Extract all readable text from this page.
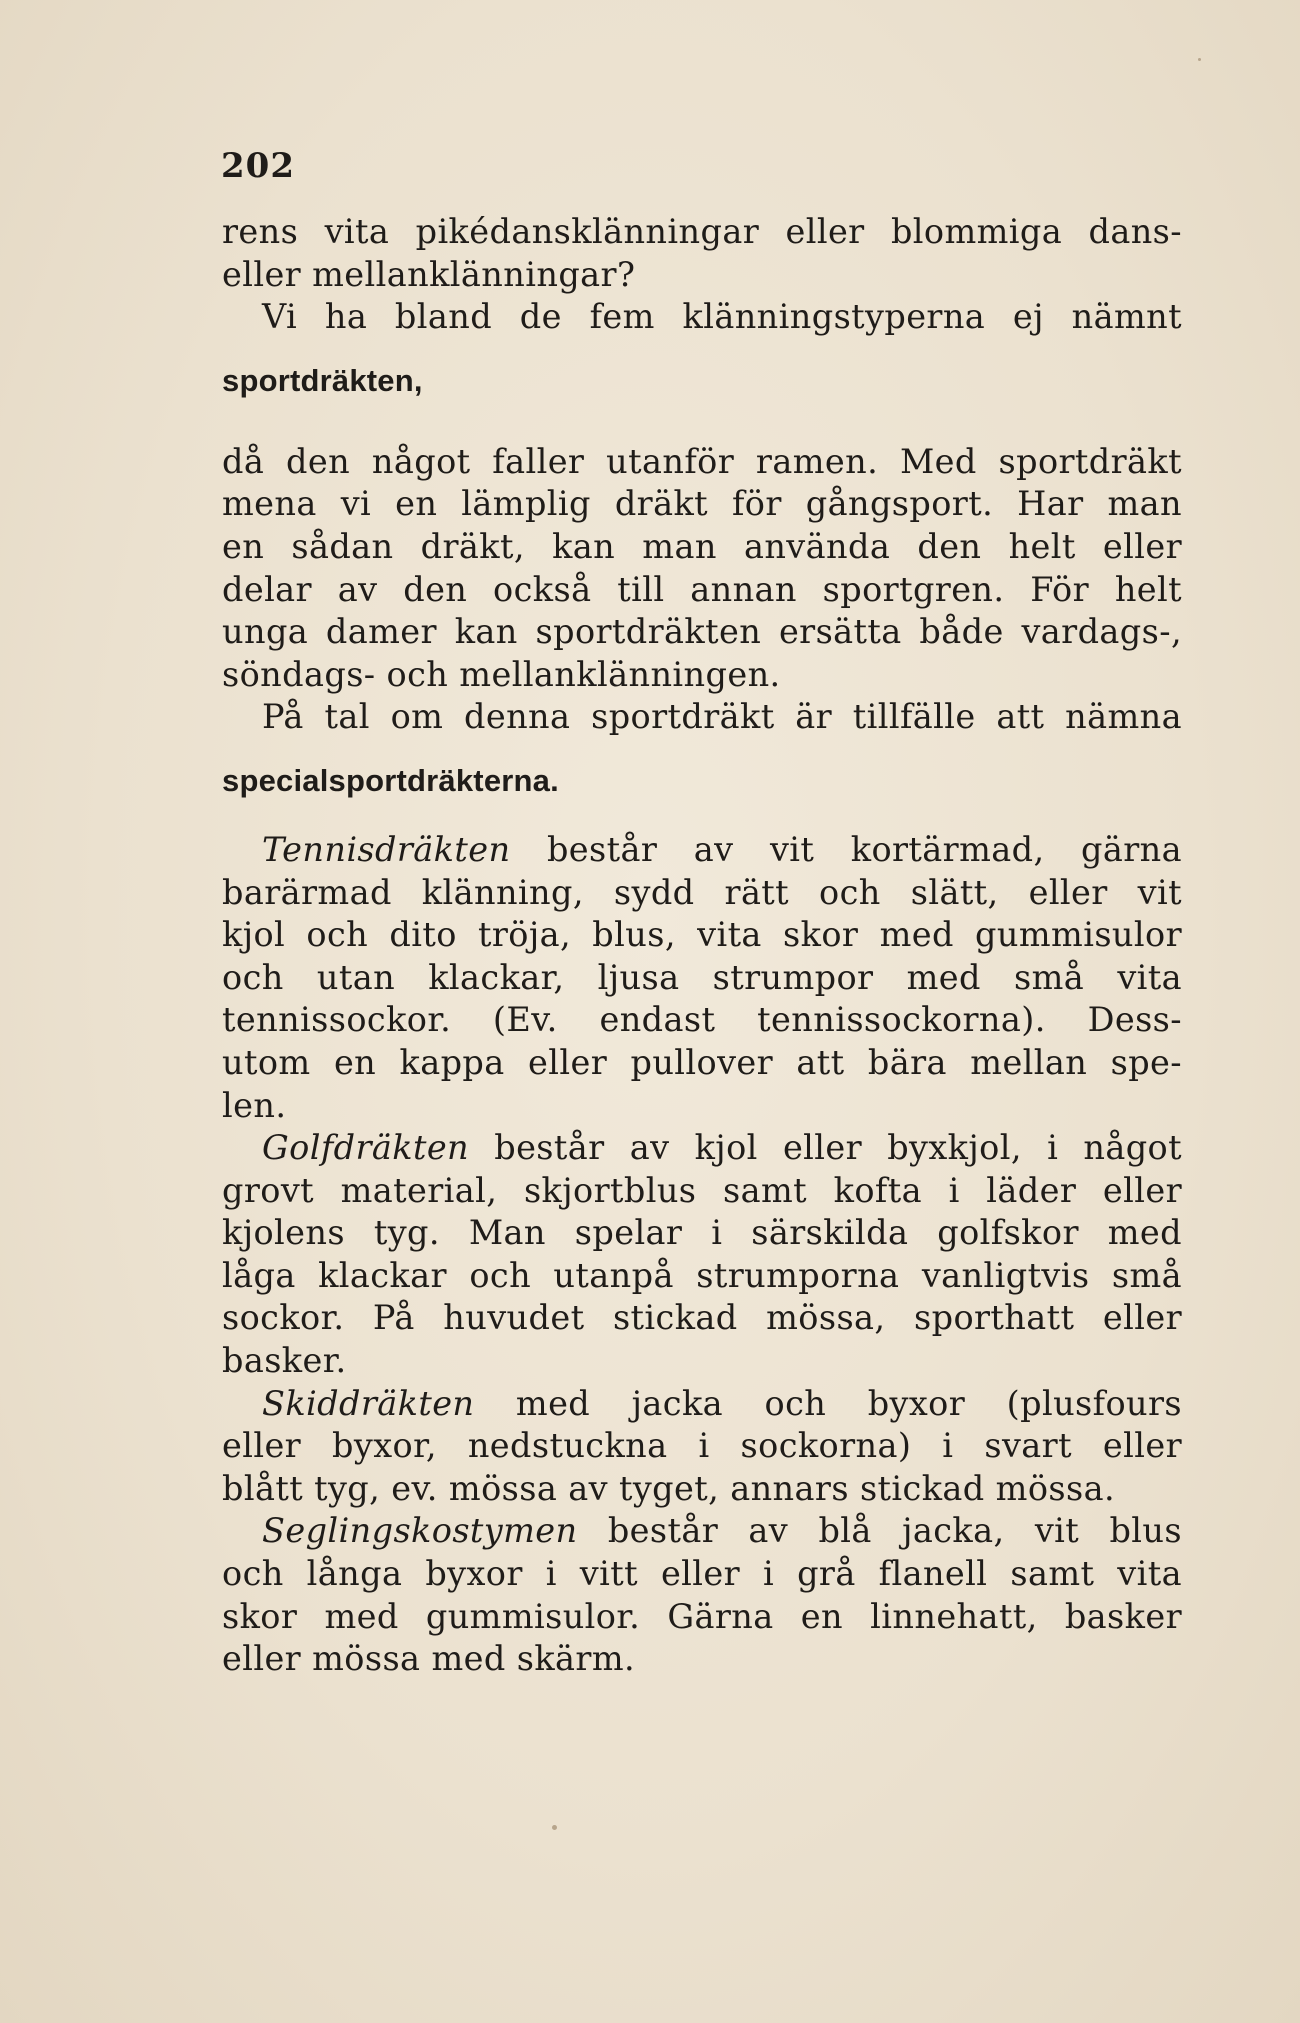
202
rens vita pikédansklänningar eller blommiga dans-
eller mellanklänningar?
Vi ha bland de fem klänningstyperna ej nämnt
sportdräkten,
då den något faller utanför ramen. Med sportdräkt
mena vi en lämplig dräkt för gångsport. Har man
en sådan dräkt, kan man använda den helt eller
delar av den också till annan sportgren. För helt
unga damer kan sportdräkten ersätta både vardags-,
söndags- och mellanklänningen.
På tal om denna sportdräkt är tillfälle att nämna
specialsportdräkterna.
Tennisdräkten består av vit kortärmad, gärna
barärmad klänning, sydd rätt och slätt, eller vit
kjol och dito tröja, blus, vita skor med gummisulor
och utan klackar, ljusa strumpor med små vita
tennissockor. (Ev. endast tennissockorna). Dess-
utom en kappa eller pullover att bära mellan spe-
len.
Golfdräkten består av kjol eller byxkjol, i något
grovt material, skjortblus samt kofta i läder eller
kjolens tyg. Man spelar i särskilda golfskor med
låga klackar och utanpå strumporna vanligtvis små
sockor. På huvudet stickad mössa, sporthatt eller
basker.
Skiddräkten med jacka och byxor (plusfours
eller byxor, nedstuckna i sockorna) i svart eller
blått tyg, ev. mössa av tyget, annars stickad mössa.
Seglingskostymen består av blå jacka, vit blus
och långa byxor i vitt eller i grå flanell samt vita
skor med gummisulor. Gärna en linnehatt, basker
eller mössa med skärm.
